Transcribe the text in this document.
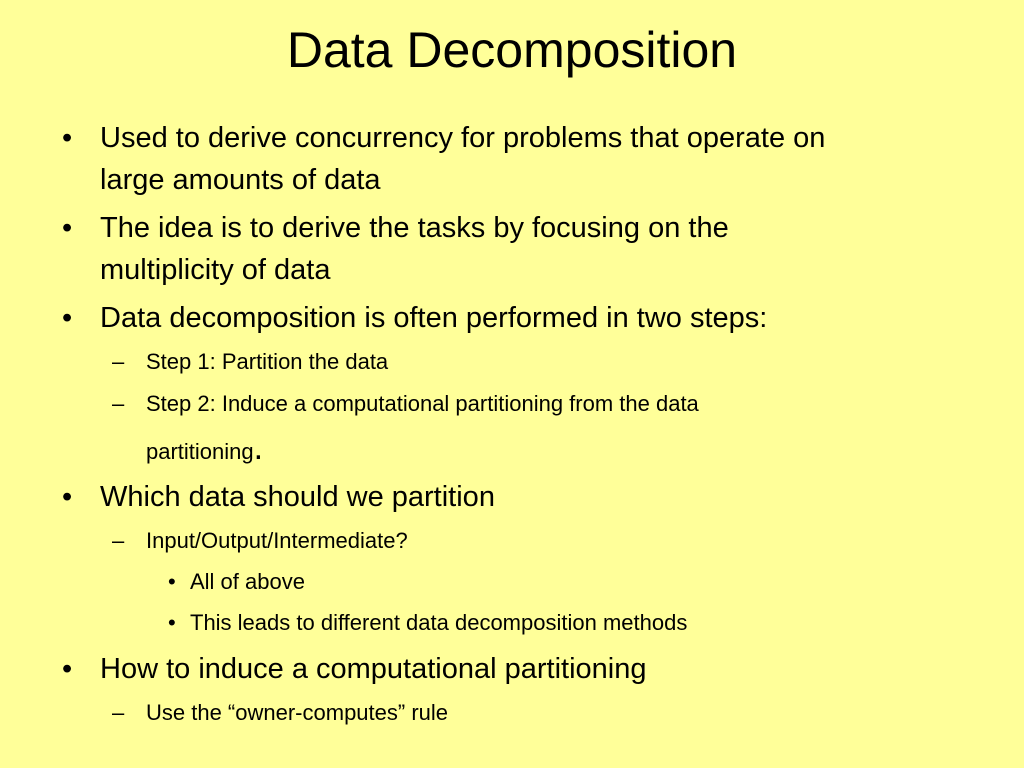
Data Decomposition
• Used to derive concurrency for problems that operate on
large amounts of data
• The idea is to derive the tasks by focusing on the
multiplicity of data
• Data decomposition is often performed in two steps:
– Step 1: Partition the data
– Step 2: Induce a computational partitioning from the data
partitioning.
• Which data should we partition
– Input/Output/Intermediate?
• All of above
• This leads to different data decomposition methods
• How to induce a computational partitioning
– Use the “owner-computes” rule
